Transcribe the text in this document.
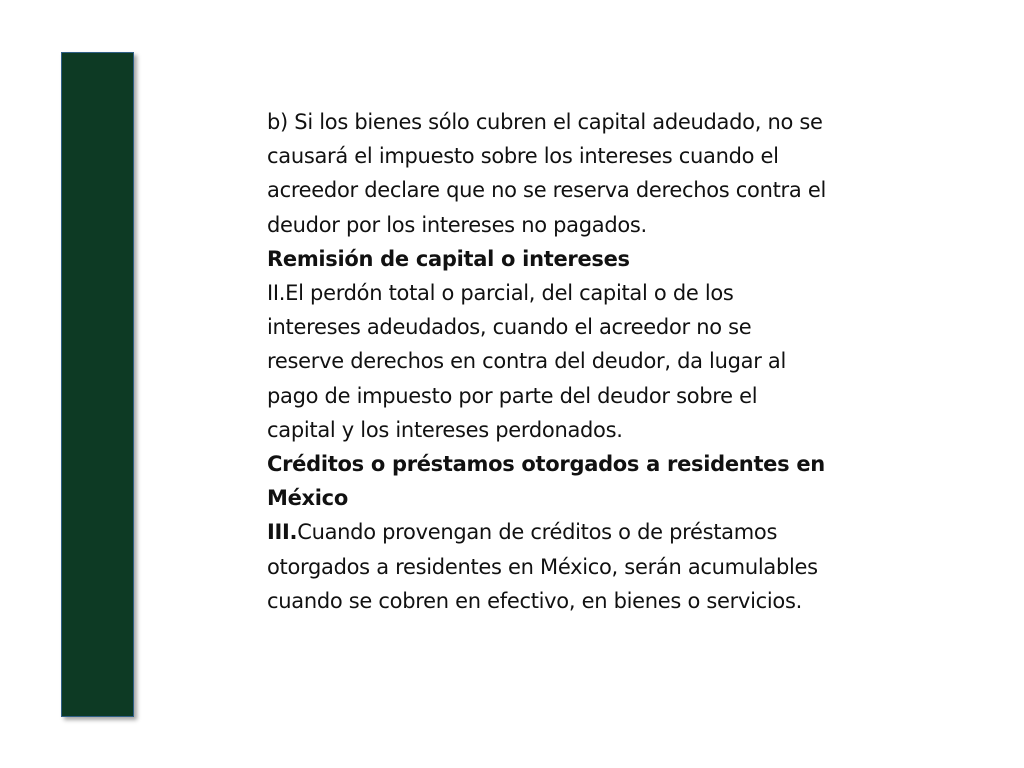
b) Si los bienes sólo cubren el capital adeudado, no se causará el impuesto sobre los intereses cuando el acreedor declare que no se reserva derechos contra el deudor por los intereses no pagados.

Remisión de capital o intereses

II.El perdón total o parcial, del capital o de los intereses adeudados, cuando el acreedor no se reserve derechos en contra del deudor, da lugar al pago de impuesto por parte del deudor sobre el capital y los intereses perdonados.

Créditos o préstamos otorgados a residentes en México

III.Cuando provengan de créditos o de préstamos otorgados a residentes en México, serán acumulables cuando se cobren en efectivo, en bienes o servicios.
